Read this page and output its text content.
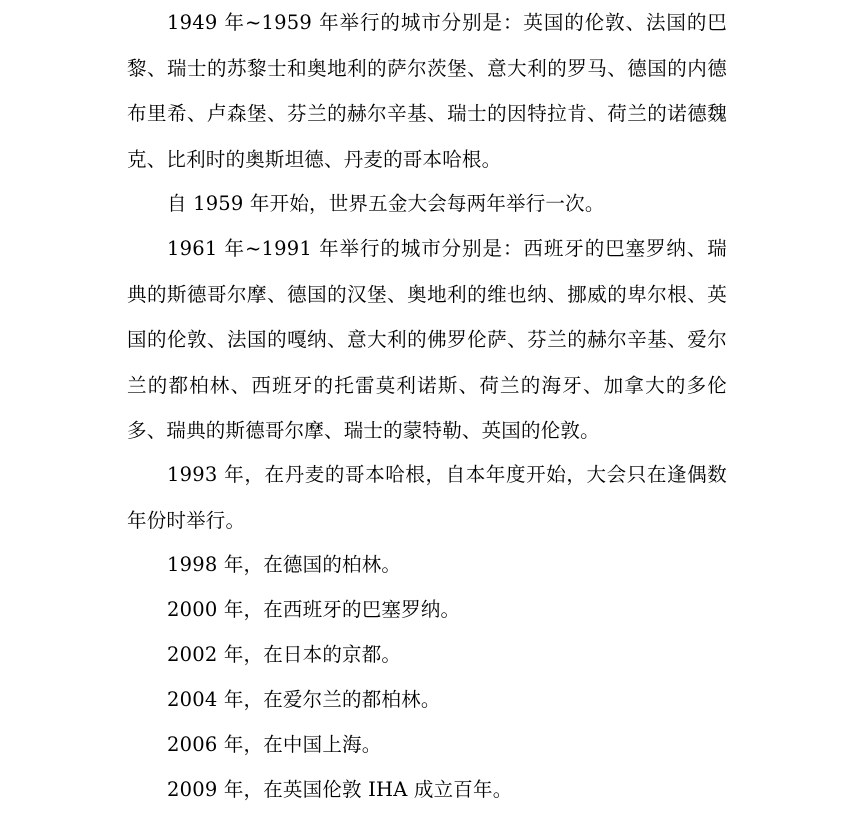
1949 年~1959 年举行的城市分别是：英国的伦敦、法国的巴黎、瑞士的苏黎士和奥地利的萨尔茨堡、意大利的罗马、德国的内德布里希、卢森堡、芬兰的赫尔辛基、瑞士的因特拉肯、荷兰的诺德魏克、比利时的奥斯坦德、丹麦的哥本哈根。

自 1959 年开始，世界五金大会每两年举行一次。

1961 年~1991 年举行的城市分别是：西班牙的巴塞罗纳、瑞典的斯德哥尔摩、德国的汉堡、奥地利的维也纳、挪威的卑尔根、英国的伦敦、法国的嘎纳、意大利的佛罗伦萨、芬兰的赫尔辛基、爱尔兰的都柏林、西班牙的托雷莫利诺斯、荷兰的海牙、加拿大的多伦多、瑞典的斯德哥尔摩、瑞士的蒙特勒、英国的伦敦。

1993 年，在丹麦的哥本哈根，自本年度开始，大会只在逢偶数年份时举行。

1998 年，在德国的柏林。

2000 年，在西班牙的巴塞罗纳。

2002 年，在日本的京都。

2004 年，在爱尔兰的都柏林。

2006 年，在中国上海。

2009 年，在英国伦敦 IHA 成立百年。
